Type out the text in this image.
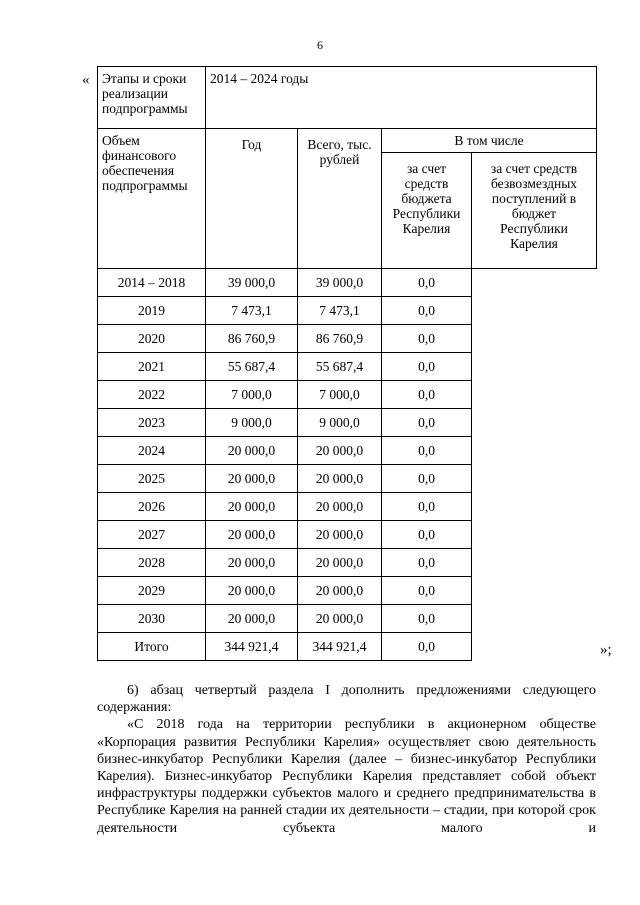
6
« Этапы и сроки реализации подпрограммы	2014 – 2024 годы			
Объем финансового обеспечения подпрограммы	Год	Всего, тыс. рублей	В том числе	
			за счет средств бюджета Республики Карелия	за счет средств безвозмездных поступлений в бюджет Республики Карелия
2014 – 2018	39 000,0	39 000,0	0,0	
2019	7 473,1	7 473,1	0,0	
2020	86 760,9	86 760,9	0,0	
2021	55 687,4	55 687,4	0,0	
2022	7 000,0	7 000,0	0,0	
2023	9 000,0	9 000,0	0,0	
2024	20 000,0	20 000,0	0,0	
2025	20 000,0	20 000,0	0,0	
2026	20 000,0	20 000,0	0,0	
2027	20 000,0	20 000,0	0,0	
2028	20 000,0	20 000,0	0,0	
2029	20 000,0	20 000,0	0,0	
2030	20 000,0	20 000,0	0,0	
Итого	344 921,4	344 921,4	0,0		»;

6) абзац четвертый раздела I дополнить предложениями следующего содержания:

«С 2018 года на территории республики в акционерном обществе «Корпорация развития Республики Карелия» осуществляет свою деятельность бизнес-инкубатор Республики Карелия (далее – бизнес-инкубатор Республики Карелия). Бизнес-инкубатор Республики Карелия представляет собой объект инфраструктуры поддержки субъектов малого и среднего предпринимательства в Республике Карелия на ранней стадии их деятельности – стадии, при которой срок деятельности субъекта малого и
